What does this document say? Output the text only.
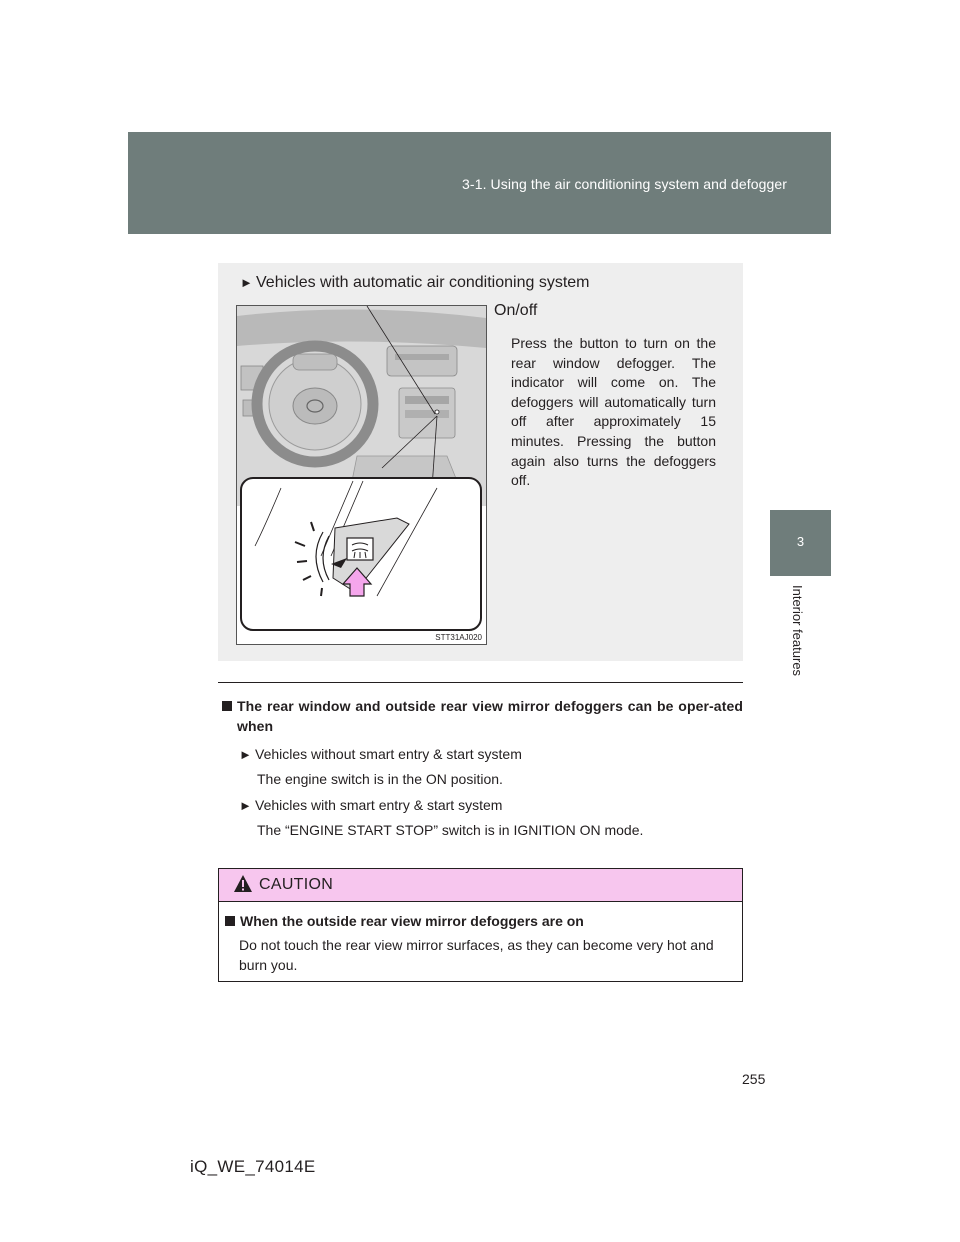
3-1. Using the air conditioning system and defogger
3
Interior features
► Vehicles with automatic air conditioning system
On/off

Press the button to turn on the rear window defogger. The indicator will come on. The defoggers will automatically turn off after approximately 15 minutes. Pressing the button again also turns the defoggers off.

STT31AJ020

The rear window and outside rear view mirror defoggers can be oper-ated when

► Vehicles without smart entry & start system

The engine switch is in the ON position.

► Vehicles with smart entry & start system

The “ENGINE START STOP” switch is in IGNITION ON mode.

CAUTION
When the outside rear view mirror defoggers are on

Do not touch the rear view mirror surfaces, as they can become very hot and burn you.

255
iQ_WE_74014E
